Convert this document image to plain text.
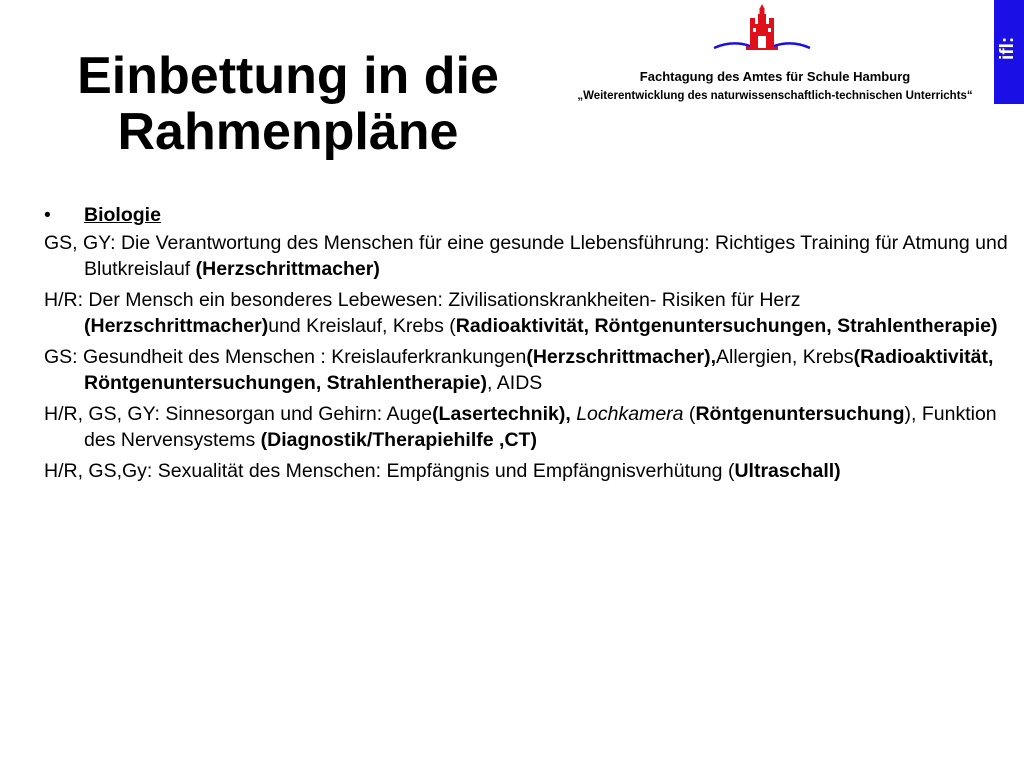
Einbettung in die Rahmenpläne
Fachtagung des Amtes für Schule Hamburg
„Weiterentwicklung des naturwissenschaftlich-technischen Unterrichts“
ifl:
•	Biologie

GS, GY: Die Verantwortung des Menschen für eine gesunde Llebensführung: Richtiges Training für Atmung und Blutkreislauf (Herzschrittmacher)

H/R: Der Mensch ein besonderes Lebewesen: Zivilisationskrankheiten- Risiken für Herz (Herzschrittmacher)und Kreislauf, Krebs (Radioaktivität, Röntgenuntersuchungen, Strahlentherapie)

GS: Gesundheit des Menschen : Kreislauferkrankungen(Herzschrittmacher),Allergien, Krebs(Radioaktivität, Röntgenuntersuchungen, Strahlentherapie), AIDS

H/R, GS, GY: Sinnesorgan und Gehirn: Auge(Lasertechnik), Lochkamera (Röntgenuntersuchung), Funktion des Nervensystems (Diagnostik/Therapiehilfe ,CT)

H/R, GS,Gy: Sexualität des Menschen: Empfängnis und Empfängnisverhütung (Ultraschall)
